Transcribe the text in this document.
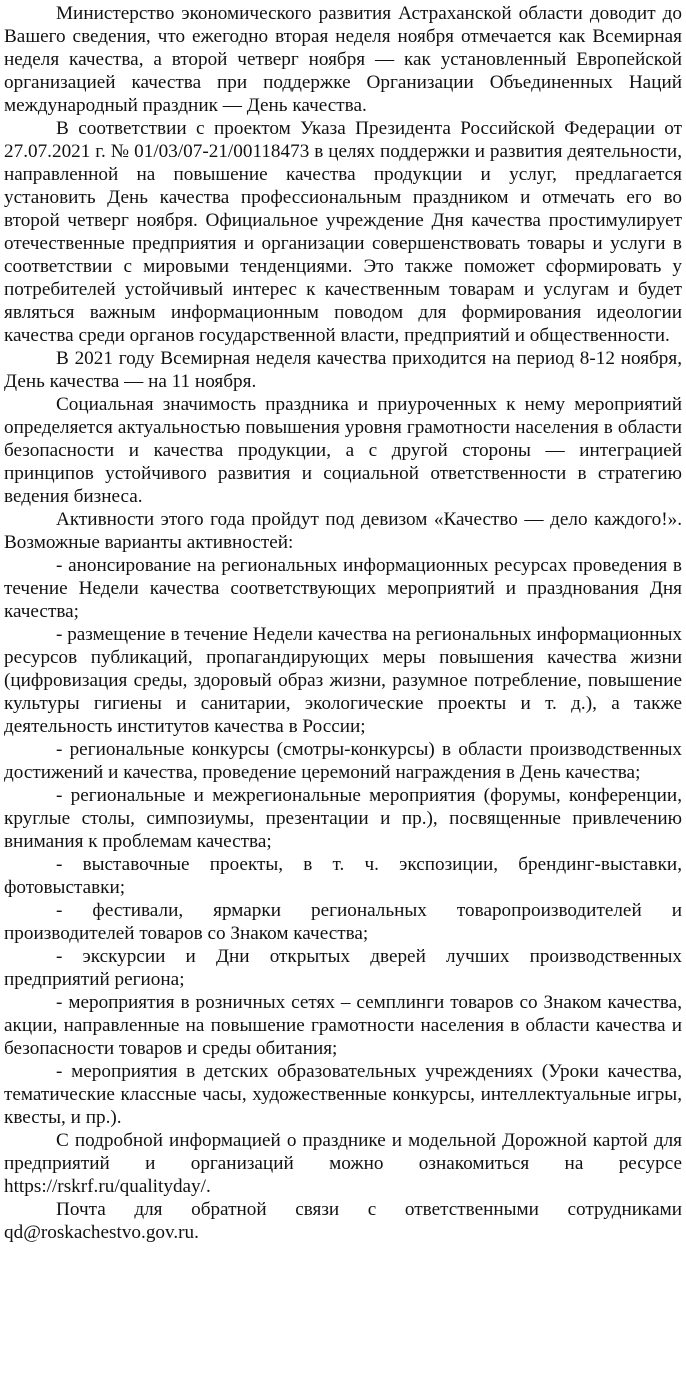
Министерство экономического развития Астраханской области доводит до Вашего сведения, что ежегодно вторая неделя ноября отмечается как Всемирная неделя качества, а второй четверг ноября — как установленный Европейской организацией качества при поддержке Организации Объединенных Наций международный праздник — День качества.

В соответствии с проектом Указа Президента Российской Федерации от 27.07.2021 г. № 01/03/07-21/00118473 в целях поддержки и развития деятельности, направленной на повышение качества продукции и услуг, предлагается установить День качества профессиональным праздником и отмечать его во второй четверг ноября. Официальное учреждение Дня качества простимулирует отечественные предприятия и организации совершенствовать товары и услуги в соответствии с мировыми тенденциями. Это также поможет сформировать у потребителей устойчивый интерес к качественным товарам и услугам и будет являться важным информационным поводом для формирования идеологии качества среди органов государственной власти, предприятий и общественности.

В 2021 году Всемирная неделя качества приходится на период 8-12 ноября, День качества — на 11 ноября.

Социальная значимость праздника и приуроченных к нему мероприятий определяется актуальностью повышения уровня грамотности населения в области безопасности и качества продукции, а с другой стороны — интеграцией принципов устойчивого развития и социальной ответственности в стратегию ведения бизнеса.

Активности этого года пройдут под девизом «Качество — дело каждого!». Возможные варианты активностей:

- анонсирование на региональных информационных ресурсах проведения в течение Недели качества соответствующих мероприятий и празднования Дня качества;

- размещение в течение Недели качества на региональных информационных ресурсов публикаций, пропагандирующих меры повышения качества жизни (цифровизация среды, здоровый образ жизни, разумное потребление, повышение культуры гигиены и санитарии, экологические проекты и т. д.), а также деятельность институтов качества в России;

- региональные конкурсы (смотры-конкурсы) в области производственных достижений и качества, проведение церемоний награждения в День качества;

- региональные и межрегиональные мероприятия (форумы, конференции, круглые столы, симпозиумы, презентации и пр.), посвященные привлечению внимания к проблемам качества;

- выставочные проекты, в т. ч. экспозиции, брендинг-выставки, фотовыставки;

- фестивали, ярмарки региональных товаропроизводителей и производителей товаров со Знаком качества;

- экскурсии и Дни открытых дверей лучших производственных предприятий региона;

- мероприятия в розничных сетях – семплинги товаров со Знаком качества, акции, направленные на повышение грамотности населения в области качества и безопасности товаров и среды обитания;

- мероприятия в детских образовательных учреждениях (Уроки качества, тематические классные часы, художественные конкурсы, интеллектуальные игры, квесты, и пр.).

С подробной информацией о празднике и модельной Дорожной картой для предприятий и организаций можно ознакомиться на ресурсе https://rskrf.ru/qualityday/.

Почта для обратной связи с ответственными сотрудниками qd@roskachestvo.gov.ru.
